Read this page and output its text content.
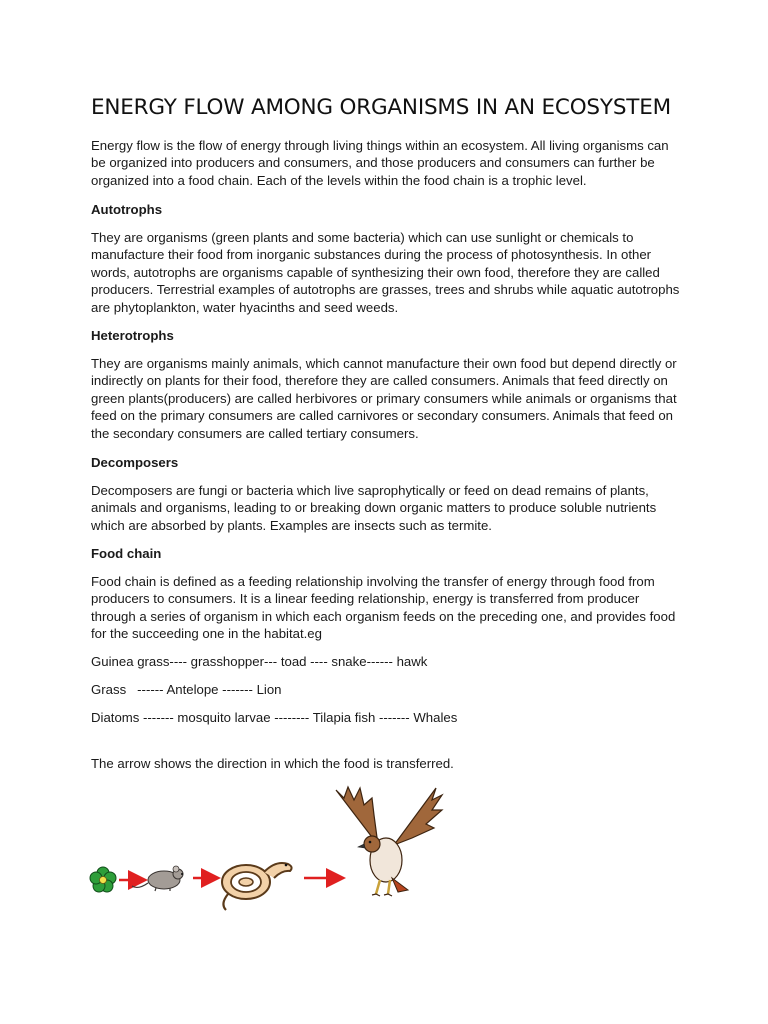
ENERGY FLOW AMONG ORGANISMS IN AN ECOSYSTEM

Energy flow is the flow of energy through living things within an ecosystem. All living organisms can be organized into producers and consumers, and those producers and consumers can further be organized into a food chain. Each of the levels within the food chain is a trophic level.

Autotrophs

They are organisms (green plants and some bacteria) which can use sunlight or chemicals to manufacture their food from inorganic substances during the process of photosynthesis. In other words, autotrophs are organisms capable of synthesizing their own food, therefore they are called producers. Terrestrial examples of autotrophs are grasses, trees and shrubs while aquatic autotrophs are phytoplankton, water hyacinths and seed weeds.

Heterotrophs

They are organisms mainly animals, which cannot manufacture their own food but depend directly or indirectly on plants for their food, therefore they are called consumers. Animals that feed directly on green plants(producers) are called herbivores or primary consumers while animals or organisms that feed on the primary consumers are called carnivores or secondary consumers. Animals that feed on the secondary consumers are called tertiary consumers.

Decomposers

Decomposers are fungi or bacteria which live saprophytically or feed on dead remains of plants, animals and organisms, leading to or breaking down organic matters to produce soluble nutrients which are absorbed by plants. Examples are insects such as termite.

Food chain

Food chain is defined as a feeding relationship involving the transfer of energy through food from producers to consumers. It is a linear feeding relationship, energy is transferred from producer through a series of organism in which each organism feeds on the preceding one, and provides food for the succeeding one in the habitat.eg

Guinea grass---- grasshopper--- toad ---- snake------ hawk

Grass   ------ Antelope ------- Lion

Diatoms ------- mosquito larvae -------- Tilapia fish ------- Whales

The arrow shows the direction in which the food is transferred.
